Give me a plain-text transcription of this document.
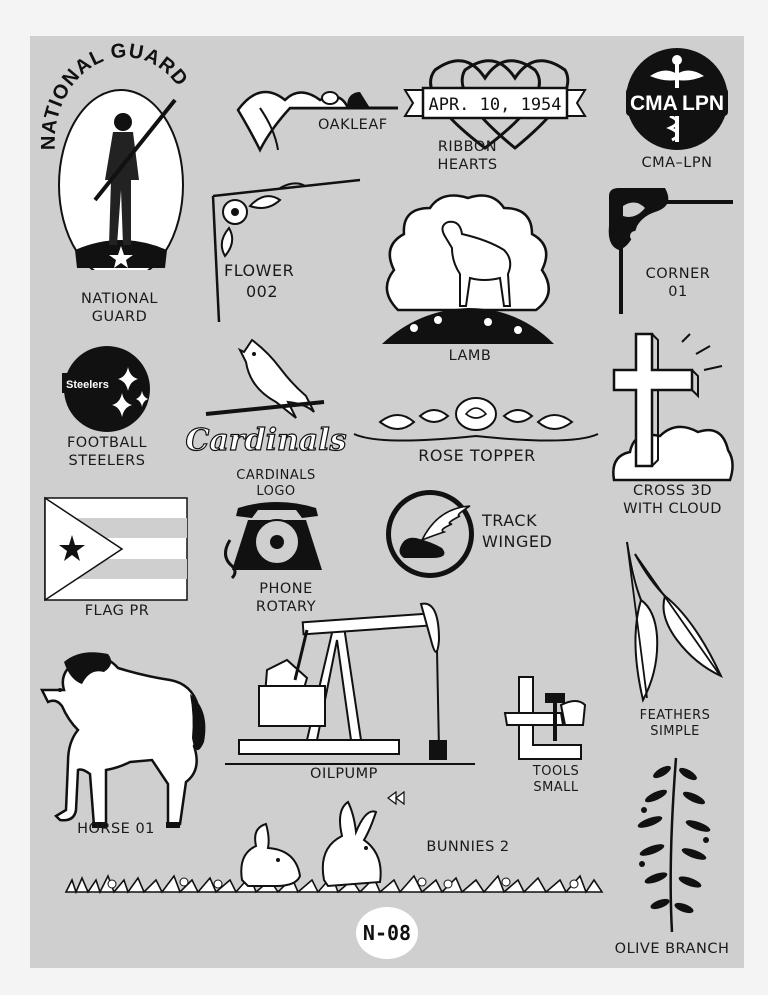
NATIONAL GUARD
NATIONAL
GUARD
OAKLEAF
APR. 10, 1954
RIBBON
HEARTS
CMA LPN
CMA–LPN
FLOWER
002
CORNER
01
LAMB
Steelers
FOOTBALL
STEELERS
Cardinals
CARDINALS
LOGO
ROSE TOPPER
CROSS 3D
WITH CLOUD
FLAG PR
PHONE
ROTARY
TRACK
WINGED
FEATHERS
SIMPLE
HORSE 01
OILPUMP	TOOLS
SMALL
BUNNIES 2
OLIVE BRANCH
N-08
